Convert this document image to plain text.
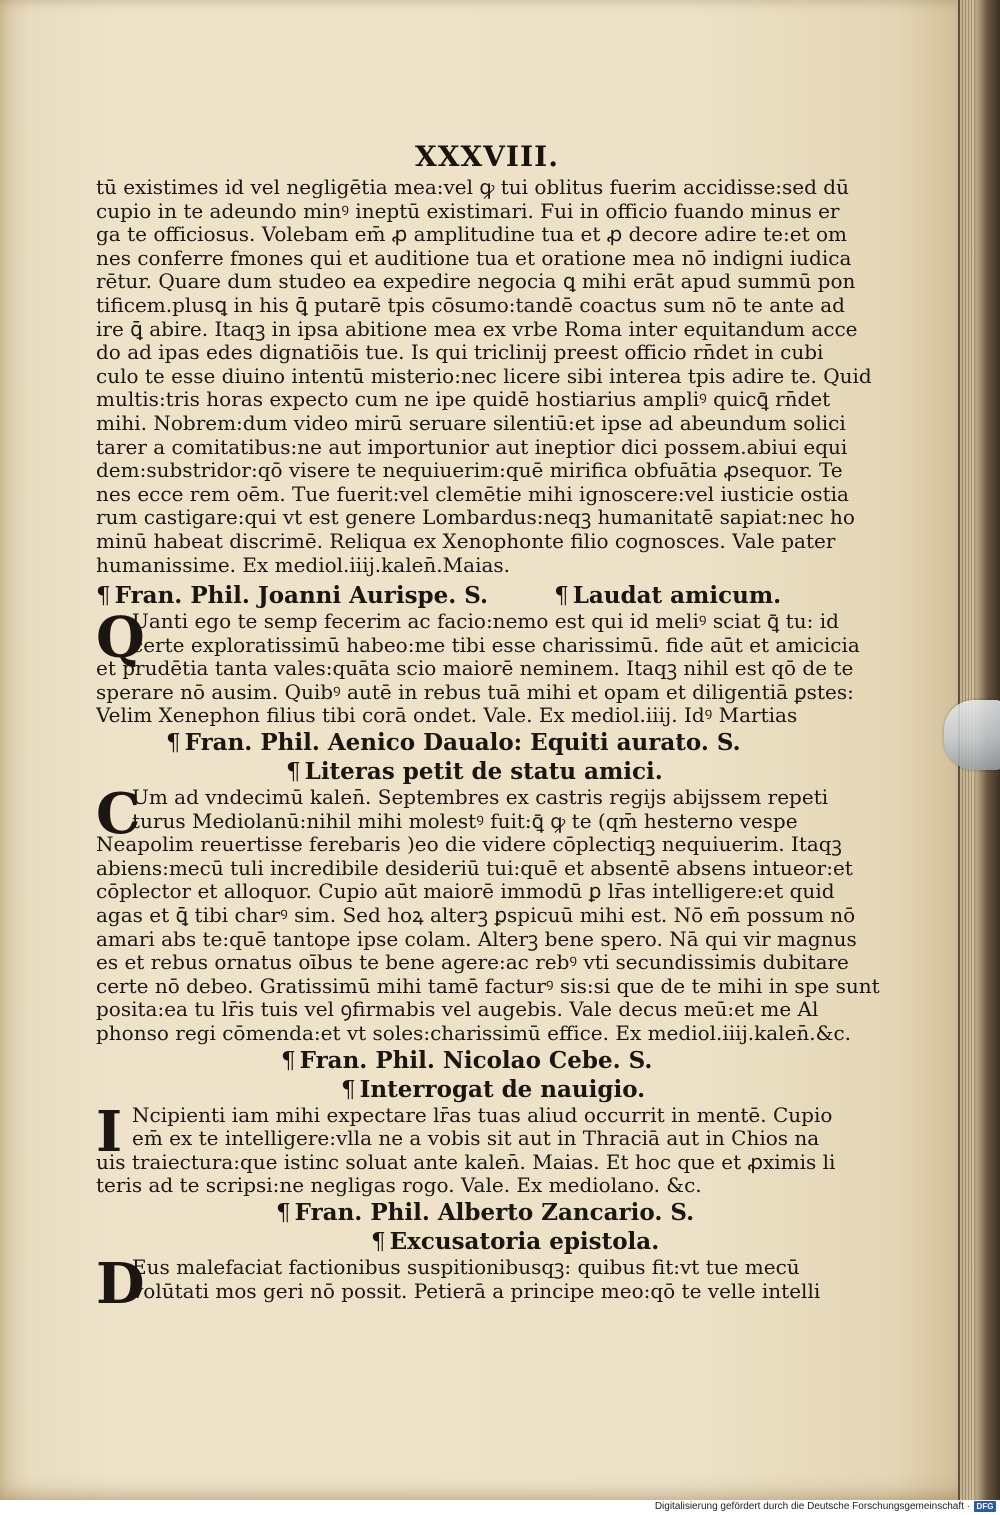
XXXVIII.
tū existimes id vel negligētia mea:vel ꝙ tui oblitus fuerim accidisse:sed dū
cupio in te adeundo minꝰ ineptū existimari. Fui in officio fuando minus er
ga te officiosus. Volebam em̄ ꝓ amplitudine tua et ꝓ decore adire te:et om
nes conferre fmones qui et auditione tua et oratione mea nō indigni iudica
rētur. Quare dum studeo ea expedire negocia ꝗ mihi erāt apud summū pon
tificem.plusꝗ in his ꝗ̄ putarē tpis cōsumo:tandē coactus sum nō te ante ad
ire ꝗ̄ abire. Itaqꝫ in ipsa abitione mea ex vrbe Roma inter equitandum acce
do ad ipas edes dignatiōis tue. Is qui triclinij preest officio rn̄det in cubi
culo te esse diuino intentū misterio:nec licere sibi interea tpis adire te. Quid
multis:tris horas expecto cum ne ipe quidē hostiarius ampliꝰ quicꝗ̄ rn̄det
mihi. Nobrem:dum video mirū seruare silentiū:et ipse ad abeundum solici
tarer a comitatibus:ne aut importunior aut ineptior dici possem.abiui equi
dem:substridor:qō visere te nequiuerim:quē mirifica obfuātia ꝓsequor. Te
nes ecce rem oēm. Tue fuerit:vel clemētie mihi ignoscere:vel iusticie ostia
rum castigare:qui vt est genere Lombardus:neqꝫ humanitatē sapiat:nec ho
minū habeat discrimē. Reliqua ex Xenophonte filio cognosces. Vale pater
humanissime. Ex mediol.iiij.kalen̄.Maias.
¶ Fran. Phil. Joanni Aurispe. S.	¶ Laudat amicum.
Q
Uanti ego te semp fecerim ac facio:nemo est qui id meliꝰ sciat ꝗ̄ tu: id
certe exploratissimū habeo:me tibi esse charissimū. fide aūt et amicicia
et prudētia tanta vales:quāta scio maiorē neminem. Itaqꝫ nihil est qō de te
sperare nō ausim. Quibꝰ autē in rebus tuā mihi et opam et diligentiā ꝑstes:
Velim Xenephon filius tibi corā ondet. Vale. Ex mediol.iiij. Idꝰ Martias
¶ Fran. Phil. Aenico Daualo: Equiti aurato. S.
¶ Literas petit de statu amici.
C
Um ad vndecimū kalen̄. Septembres ex castris regijs abijssem repeti
turus Mediolanū:nihil mihi molestꝰ fuit:ꝗ̄ ꝙ te (qm̄ hesterno vespe
Neapolim reuertisse ferebaris )eo die videre cōplectiqꝫ nequiuerim. Itaqꝫ
abiens:mecū tuli incredibile desideriū tui:quē et absentē absens intueor:et
cōplector et alloquor. Cupio aūt maiorē immodū ꝑ lr̄as intelligere:et quid
agas et ꝗ̄ tibi charꝰ sim. Sed hoꝝ alterꝫ ꝑspicuū mihi est. Nō em̄ possum nō
amari abs te:quē tantope ipse colam. Alterꝫ bene spero. Nā qui vir magnus
es et rebus ornatus oībus te bene agere:ac rebꝰ vti secundissimis dubitare
certe nō debeo. Gratissimū mihi tamē facturꝰ sis:si que de te mihi in spe sunt
posita:ea tu lr̄is tuis vel ꝯfirmabis vel augebis. Vale decus meū:et me Al
phonso regi cōmenda:et vt soles:charissimū effice. Ex mediol.iiij.kalen̄.&c.
¶ Fran. Phil. Nicolao Cebe. S.
¶ Interrogat de nauigio.
I Ncipienti iam mihi expectare lr̄as tuas aliud occurrit in mentē. Cupio
em̄ ex te intelligere:vlla ne a vobis sit aut in Thraciā aut in Chios na
uis traiectura:que istinc soluat ante kalen̄. Maias. Et hoc que et ꝓximis li
teris ad te scripsi:ne negligas rogo. Vale. Ex mediolano. &c.
¶ Fran. Phil. Alberto Zancario. S.
¶ Excusatoria epistola.
D
Eus malefaciat factionibus suspitionibusqꝫ: quibus fit:vt tue mecū
volūtati mos geri nō possit. Petierā a principe meo:qō te velle intelli
Digitalisierung gefördert durch die Deutsche Forschungsgemeinschaft · DFG
